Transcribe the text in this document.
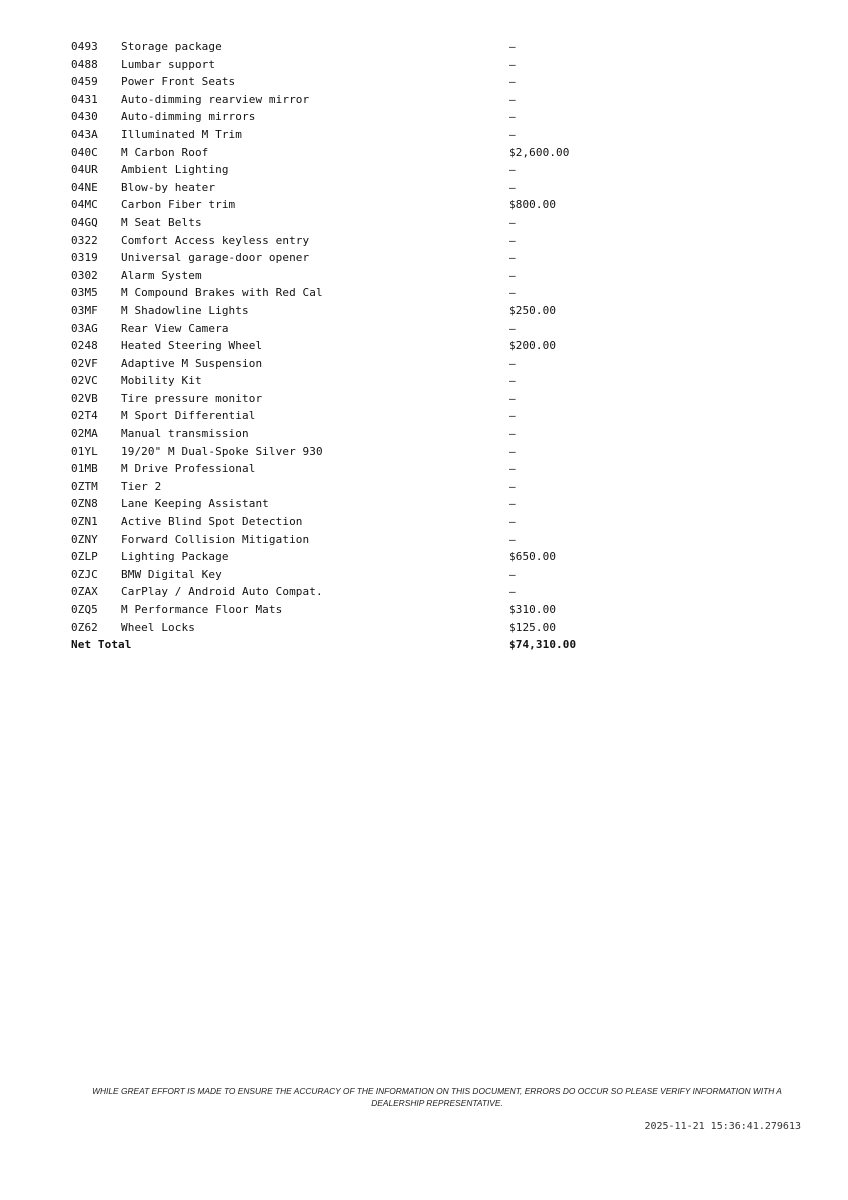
0493	Storage package	—
0488	Lumbar support	—
0459	Power Front Seats	—
0431	Auto-dimming rearview mirror	—
0430	Auto-dimming mirrors	—
043A	Illuminated M Trim	—
040C	M Carbon Roof	$2,600.00
04UR	Ambient Lighting	—
04NE	Blow-by heater	—
04MC	Carbon Fiber trim	$800.00
04GQ	M Seat Belts	—
0322	Comfort Access keyless entry	—
0319	Universal garage-door opener	—
0302	Alarm System	—
03M5	M Compound Brakes with Red Cal	—
03MF	M Shadowline Lights	$250.00
03AG	Rear View Camera	—
0248	Heated Steering Wheel	$200.00
02VF	Adaptive M Suspension	—
02VC	Mobility Kit	—
02VB	Tire pressure monitor	—
02T4	M Sport Differential	—
02MA	Manual transmission	—
01YL	19/20" M Dual-Spoke Silver 930	—
01MB	M Drive Professional	—
0ZTM	Tier 2	—
0ZN8	Lane Keeping Assistant	—
0ZN1	Active Blind Spot Detection	—
0ZNY	Forward Collision Mitigation	—
0ZLP	Lighting Package	$650.00
0ZJC	BMW Digital Key	—
0ZAX	CarPlay / Android Auto Compat.	—
0ZQ5	M Performance Floor Mats	$310.00
0Z62	Wheel Locks	$125.00
Net Total		$74,310.00
WHILE GREAT EFFORT IS MADE TO ENSURE THE ACCURACY OF THE INFORMATION ON THIS DOCUMENT, ERRORS DO OCCUR SO PLEASE VERIFY INFORMATION WITH A DEALERSHIP REPRESENTATIVE.
2025-11-21 15:36:41.279613
